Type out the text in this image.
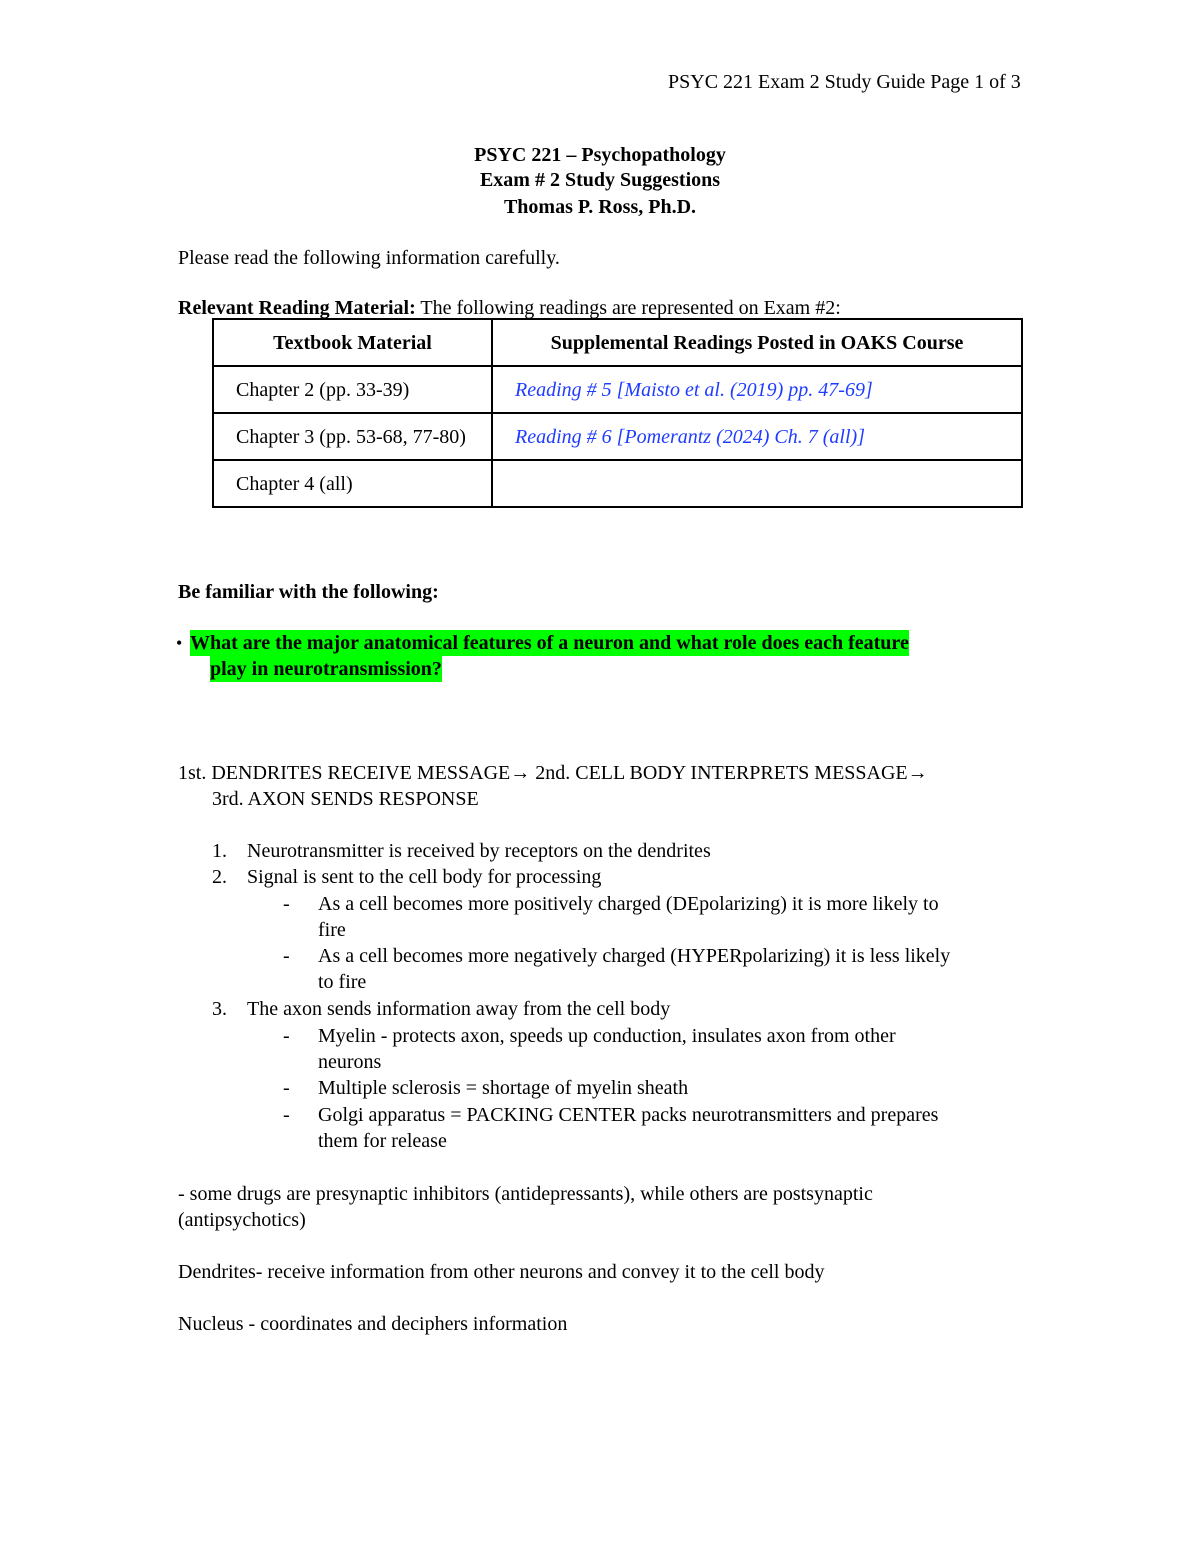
PSYC 221 Exam 2 Study Guide Page 1 of 3
PSYC 221 – Psychopathology
Exam # 2 Study Suggestions
Thomas P. Ross, Ph.D.
Please read the following information carefully.
Relevant Reading Material: The following readings are represented on Exam #2:
Textbook Material	Supplemental Readings Posted in OAKS Course
Chapter 2 (pp. 33-39)	Reading # 5 [Maisto et al. (2019) pp. 47-69]
Chapter 3 (pp. 53-68, 77-80)	Reading # 6 [Pomerantz (2024) Ch. 7 (all)]
Chapter 4 (all)	
Be familiar with the following:
• What are the major anatomical features of a neuron and what role does each feature
play in neurotransmission?
1st. DENDRITES RECEIVE MESSAGE→ 2nd. CELL BODY INTERPRETS MESSAGE→
3rd. AXON SENDS RESPONSE
1. Neurotransmitter is received by receptors on the dendrites
2. Signal is sent to the cell body for processing
- As a cell becomes more positively charged (DEpolarizing) it is more likely to
fire
- As a cell becomes more negatively charged (HYPERpolarizing) it is less likely
to fire
3. The axon sends information away from the cell body
- Myelin - protects axon, speeds up conduction, insulates axon from other
neurons
- Multiple sclerosis = shortage of myelin sheath
- Golgi apparatus = PACKING CENTER packs neurotransmitters and prepares
them for release
- some drugs are presynaptic inhibitors (antidepressants), while others are postsynaptic
(antipsychotics)
Dendrites- receive information from other neurons and convey it to the cell body
Nucleus - coordinates and deciphers information
